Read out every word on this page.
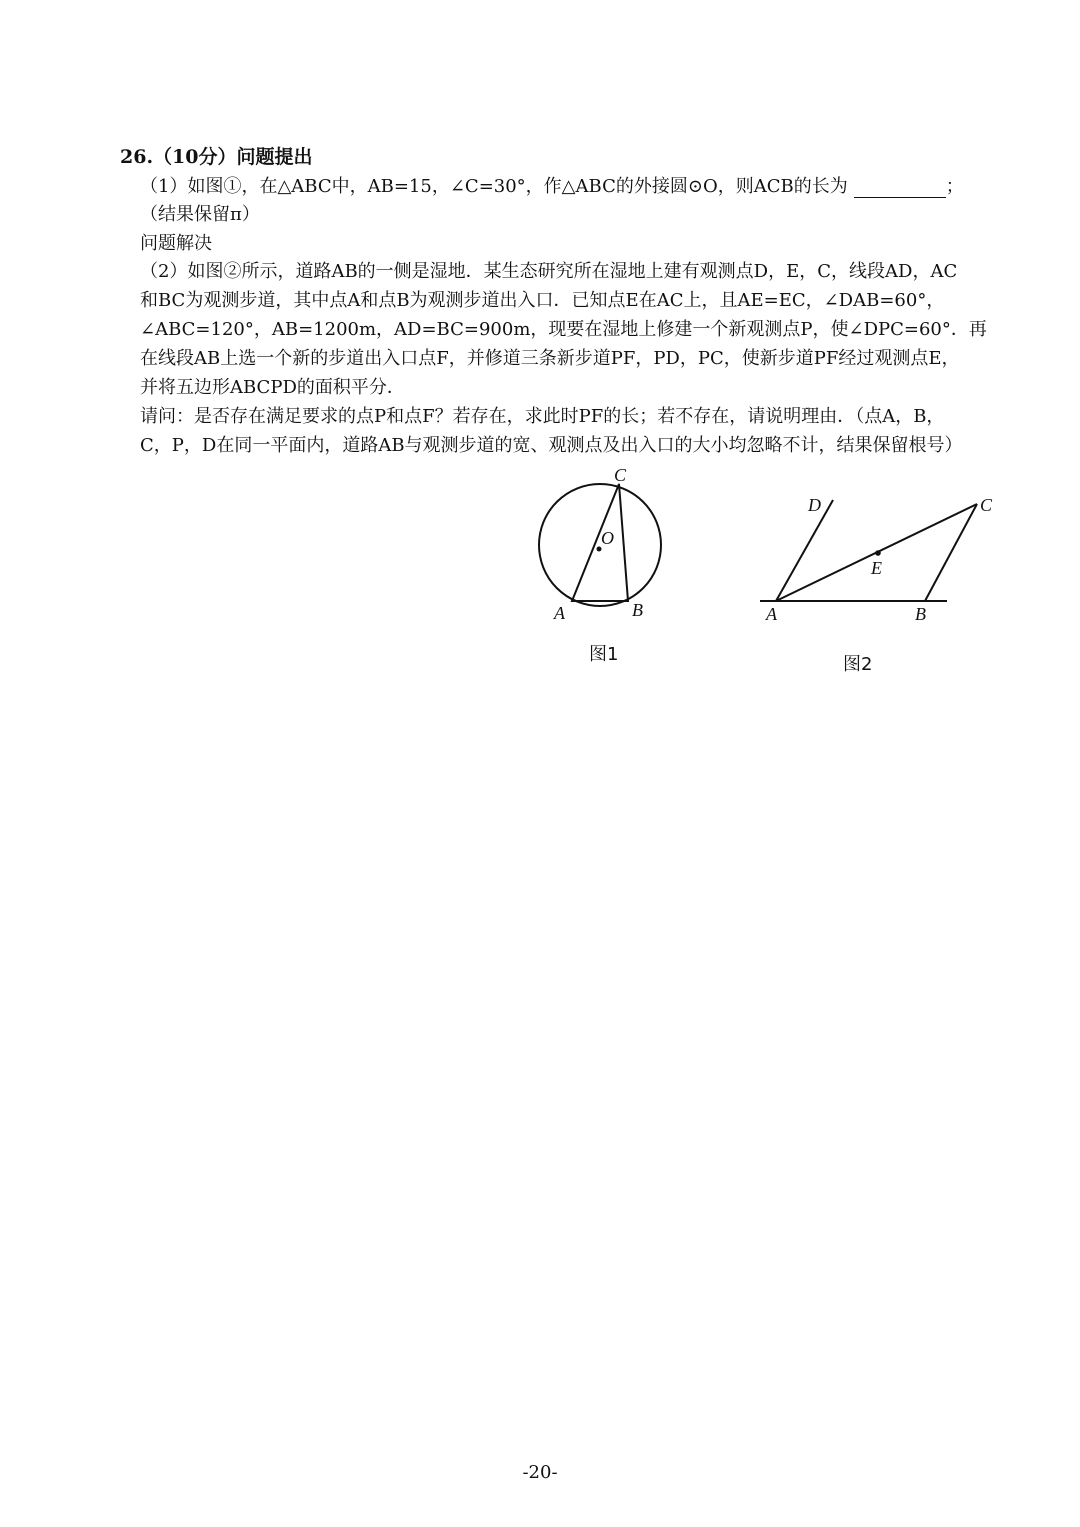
26.（10分）问题提出
（1）如图①，在△ABC中，AB=15，∠C=30°，作△ABC的外接圆⊙O，则ACB的长为	；
（结果保留π）
问题解决
（2）如图②所示，道路AB的一侧是湿地．某生态研究所在湿地上建有观测点D，E，C，线段AD，AC
和BC为观测步道，其中点A和点B为观测步道出入口．已知点E在AC上，且AE=EC，∠DAB=60°，
∠ABC=120°，AB=1200m，AD=BC=900m，现要在湿地上修建一个新观测点P，使∠DPC=60°．再
在线段AB上选一个新的步道出入口点F，并修道三条新步道PF，PD，PC，使新步道PF经过观测点E，
并将五边形ABCPD的面积平分．
请问：是否存在满足要求的点P和点F？若存在，求此时PF的长；若不存在，请说明理由．（点A，B，
C，P，D在同一平面内，道路AB与观测步道的宽、观测点及出入口的大小均忽略不计，结果保留根号）
C
O
A	B
图1
D	C
E
A	B
图2
-20-
